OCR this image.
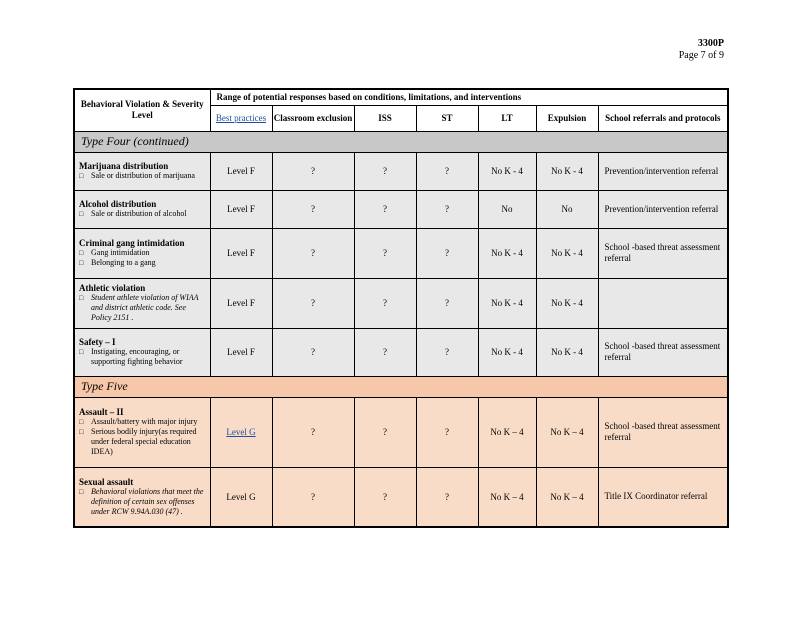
3300P
Page 7 of 9
Behavioral Violation & Severity Level	Range of potential responses based on conditions, limitations, and interventions						
	Best practices	Classroom exclusion	ISS	ST	LT	Expulsion	School referrals and protocols
Type Four (continued)							

Marijuana distribution
□ Sale or distribution of marijuana	Level F	?	?	?	No K - 4	No K - 4	Prevention/intervention referral

Alcohol distribution
□ Sale or distribution of alcohol	Level F	?	?	?	No	No	Prevention/intervention referral

Criminal gang intimidation
□ Gang intimidation
□ Belonging to a gang	Level F	?	?	?	No K - 4	No K - 4	School -based threat assessment referral

Athletic violation
□ Student athlete violation of WIAA and district athletic code. See Policy 2151 .	Level F	?	?	?	No K - 4	No K - 4	

Safety – I
□ Instigating, encouraging, or supporting fighting behavior	Level F	?	?	?	No K - 4	No K - 4	School -based threat assessment referral
Type Five							

Assault – II
□ Assault/battery with major injury
□ Serious bodily injury(as required under federal special education IDEA)	Level G	?	?	?	No K – 4	No K – 4	School -based threat assessment referral

Sexual assault
□ Behavioral violations that meet the definition of certain sex offenses under RCW 9.94A.030 (47) .	Level G	?	?	?	No K – 4	No K – 4	Title IX Coordinator referral
